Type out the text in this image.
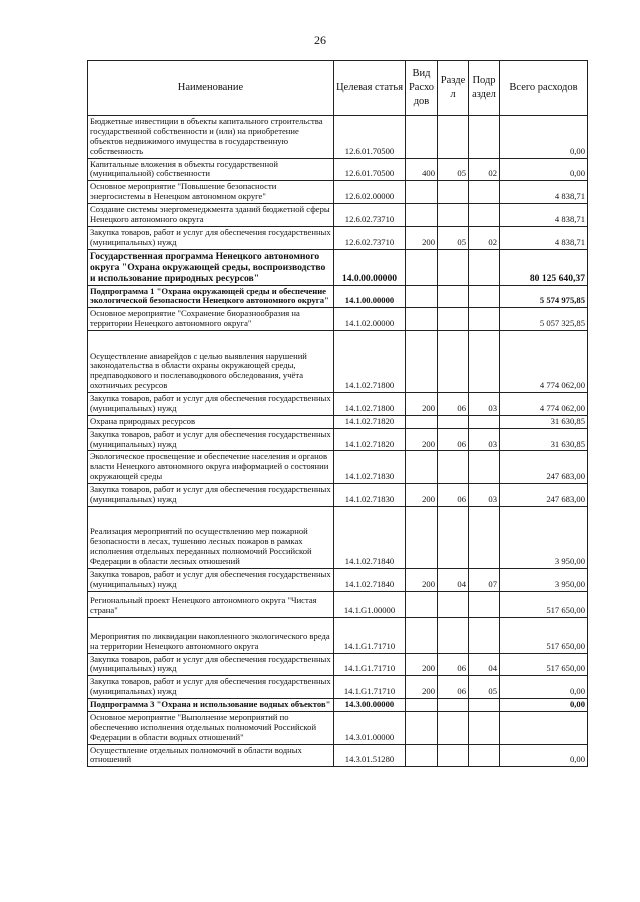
26
Наименование	Целевая статья	Вид Расхо дов	Разде л	Подр аздел	Всего расходов
Бюджетные инвестиции в объекты капитального строительства государственной собственности и (или) на приобретение объектов недвижимого имущества в государственную собственность	12.6.01.70500				0,00
Капитальные вложения в объекты государственной (муниципальной) собственности	12.6.01.70500	400	05	02	0,00
Основное мероприятие "Повышение безопасности энергосистемы в Ненецком автономном округе"	12.6.02.00000				4 838,71
Создание системы энергоменеджмента зданий бюджетной сферы Ненецкого автономного округа	12.6.02.73710				4 838,71
Закупка товаров, работ и услуг для обеспечения государственных (муниципальных) нужд	12.6.02.73710	200	05	02	4 838,71
Государственная программа Ненецкого автономного округа "Охрана окружающей среды, воспроизводство и использование природных ресурсов"	14.0.00.00000				80 125 640,37
Подпрограмма 1 "Охрана окружающей среды и обеспечение экологической безопасности Ненецкого автономного округа"	14.1.00.00000				5 574 975,85
Основное мероприятие "Сохранение биоразнообразия на территории Ненецкого автономного округа"	14.1.02.00000				5 057 325,85
Осуществление авиарейдов с целью выявления нарушений законодательства в области охраны окружающей среды, предпаводкового и послепаводкового обследования, учёта охотничьих ресурсов	14.1.02.71800				4 774 062,00
Закупка товаров, работ и услуг для обеспечения государственных (муниципальных) нужд	14.1.02.71800	200	06	03	4 774 062,00
Охрана природных ресурсов	14.1.02.71820				31 630,85
Закупка товаров, работ и услуг для обеспечения государственных (муниципальных) нужд	14.1.02.71820	200	06	03	31 630,85
Экологическое просвещение и обеспечение населения и органов власти Ненецкого автономного округа информацией о состоянии окружающей среды	14.1.02.71830				247 683,00
Закупка товаров, работ и услуг для обеспечения государственных (муниципальных) нужд	14.1.02.71830	200	06	03	247 683,00
Реализация мероприятий по осуществлению мер пожарной безопасности в лесах, тушению лесных пожаров в рамках исполнения отдельных переданных полномочий Российской Федерации в области лесных отношений	14.1.02.71840				3 950,00
Закупка товаров, работ и услуг для обеспечения государственных (муниципальных) нужд	14.1.02.71840	200	04	07	3 950,00
Региональный проект Ненецкого автономного округа "Чистая страна"	14.1.G1.00000				517 650,00
Мероприятия по ликвидации накопленного экологического вреда на территории Ненецкого автономного округа	14.1.G1.71710				517 650,00
Закупка товаров, работ и услуг для обеспечения государственных (муниципальных) нужд	14.1.G1.71710	200	06	04	517 650,00
Закупка товаров, работ и услуг для обеспечения государственных (муниципальных) нужд	14.1.G1.71710	200	06	05	0,00
Подпрограмма 3 "Охрана и использование водных объектов"	14.3.00.00000				0,00
Основное мероприятие "Выполнение мероприятий по обеспечению исполнения отдельных полномочий Российской Федерации в области водных отношений"	14.3.01.00000				
Осуществление отдельных полномочий в области водных отношений	14.3.01.51280				0,00
